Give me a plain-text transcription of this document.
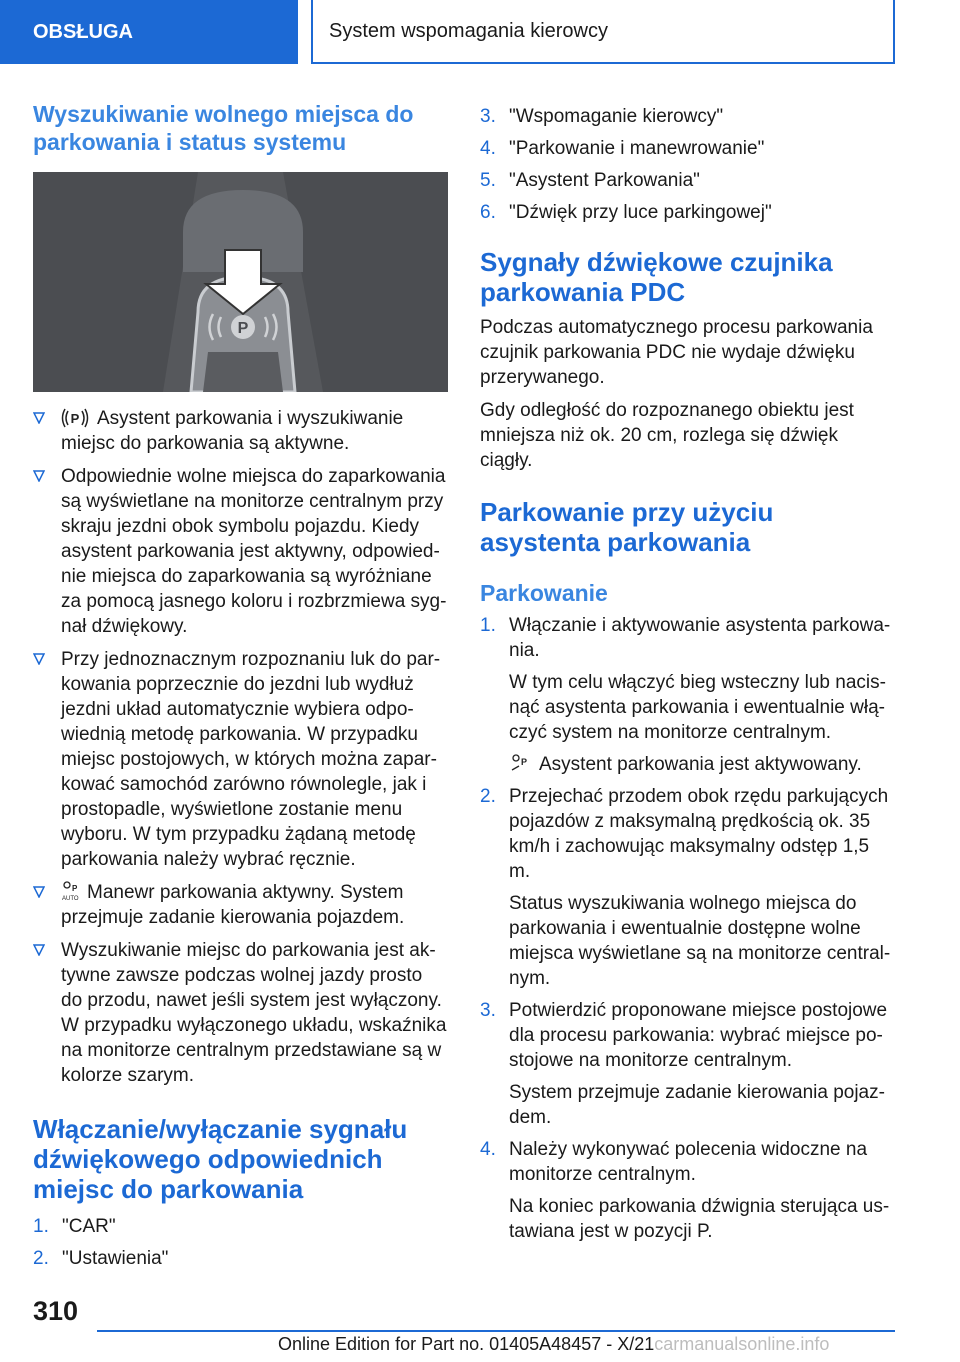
OBSŁUGA	System wspomagania kierowcy
Wyszukiwanie wolnego miejsca do parkowania i status systemu
P
P Asystent parkowania i wyszukiwanie miejsc do parkowania są aktywne.
Odpowiednie wolne miejsca do zaparkowania są wyświetlane na monitorze centralnym przy skraju jezdni obok symbolu pojazdu. Kiedy asystent parkowania jest aktywny, odpowied-nie miejsca do zaparkowania są wyróżniane za pomocą jasnego koloru i rozbrzmiewa syg-nał dźwiękowy.
Przy jednoznacznym rozpoznaniu luk do par-kowania poprzecznie do jezdni lub wydłuż jezdni układ automatycznie wybiera odpo-wiednią metodę parkowania. W przypadku miejsc postojowych, w których można zapar-kować samochód zarówno równolegle, jak i prostopadle, wyświetlone zostanie menu wyboru. W tym przypadku żądaną metodę parkowania należy wybrać ręcznie.
P
AUTO Manewr parkowania aktywny. System przejmuje zadanie kierowania pojazdem.
Wyszukiwanie miejsc do parkowania jest ak-tywne zawsze podczas wolnej jazdy prosto do przodu, nawet jeśli system jest wyłączony. W przypadku wyłączonego układu, wskaźnika na monitorze centralnym przedstawiane są w kolorze szarym.
Włączanie/wyłączanie sygnału dźwiękowego odpowiednich miejsc do parkowania
1. "CAR"
2. "Ustawienia"
3. "Wspomaganie kierowcy"
4. "Parkowanie i manewrowanie"
5. "Asystent Parkowania"
6. "Dźwięk przy luce parkingowej"
Sygnały dźwiękowe czujnika parkowania PDC

Podczas automatycznego procesu parkowania czujnik parkowania PDC nie wydaje dźwięku przerywanego.

Gdy odległość do rozpoznanego obiektu jest mniejsza niż ok. 20 cm, rozlega się dźwięk ciągły.

Parkowanie przy użyciu asystenta parkowania
Parkowanie
1. Włączanie i aktywowanie asystenta parkowa-nia.

W tym celu włączyć bieg wsteczny lub nacis-nąć asystenta parkowania i ewentualnie włą-czyć system na monitorze centralnym.

P Asystent parkowania jest aktywowany.

2. Przejechać przodem obok rzędu parkujących pojazdów z maksymalną prędkością ok. 35 km/h i zachowując maksymalny odstęp 1,5 m.

Status wyszukiwania wolnego miejsca do parkowania i ewentualnie dostępne wolne miejsca wyświetlane są na monitorze central-nym.

3. Potwierdzić proponowane miejsce postojowe dla procesu parkowania: wybrać miejsce po-stojowe na monitorze centralnym.

System przejmuje zadanie kierowania pojaz-dem.

4. Należy wykonywać polecenia widoczne na monitorze centralnym.

Na koniec parkowania dźwignia sterująca us-tawiana jest w pozycji P.

310
Online Edition for Part no. 01405A48457 - X/21carmanualsonline.info
